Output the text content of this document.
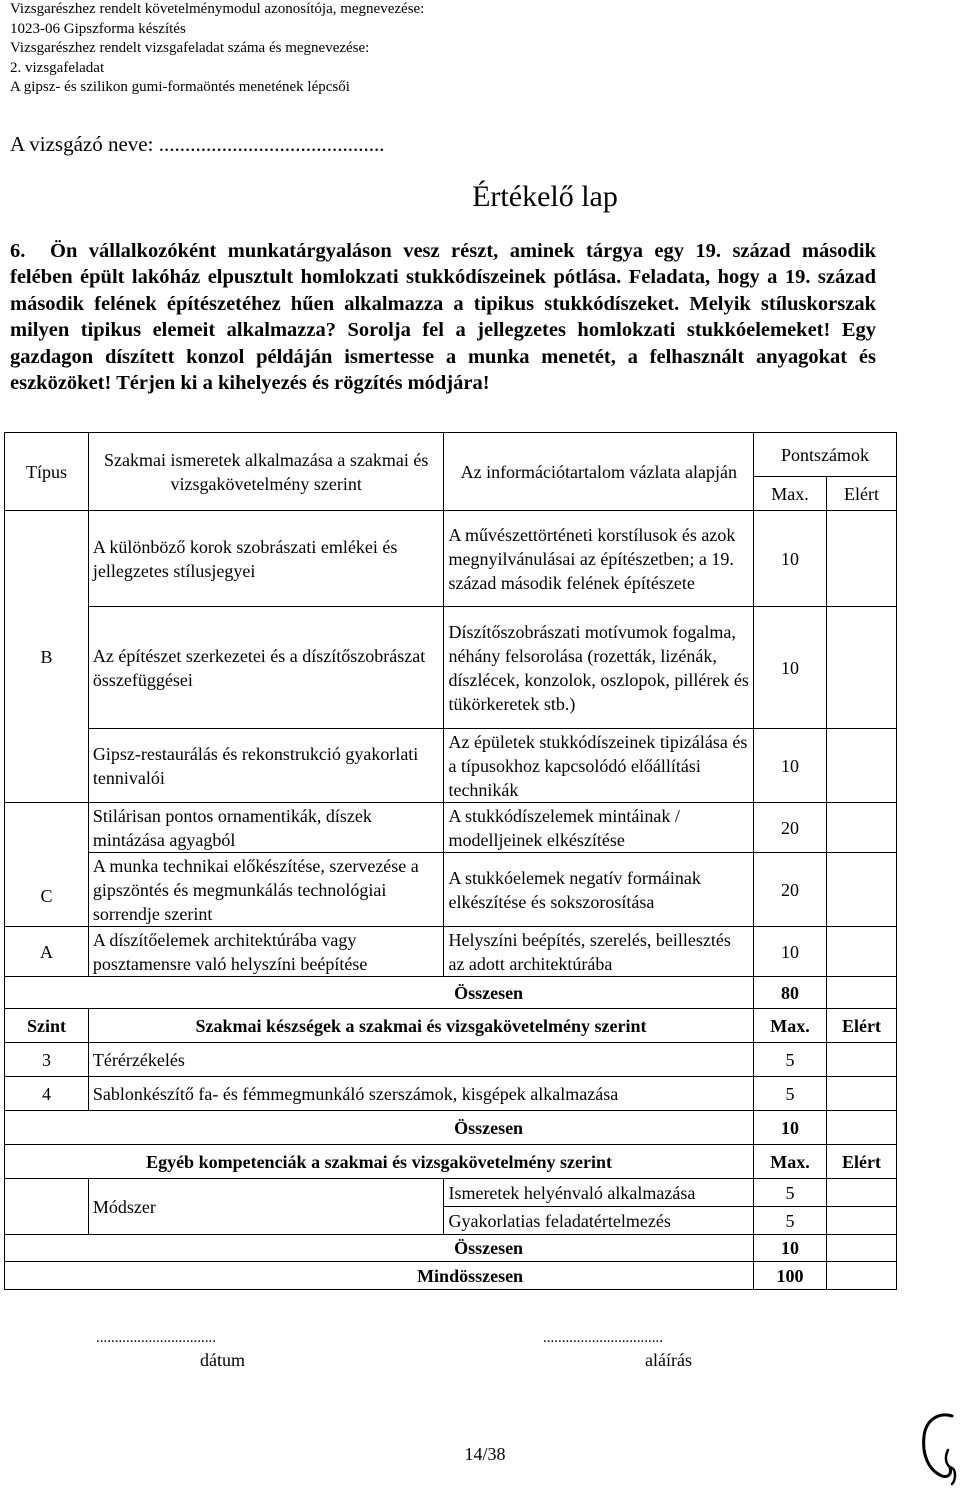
Vizsgarészhez rendelt követelménymodul azonosítója, megnevezése:
1023-06 Gipszforma készítés
Vizsgarészhez rendelt vizsgafeladat száma és megnevezése:
2. vizsgafeladat
A gipsz- és szilikon gumi-formaöntés menetének lépcsői
A vizsgázó neve: ...........................................
Értékelő lap

6. Ön vállalkozóként munkatárgyaláson vesz részt, aminek tárgya egy 19. század második felében épült lakóház elpusztult homlokzati stukkódíszeinek pótlása. Feladata, hogy a 19. század második felének építészetéhez hűen alkalmazza a tipikus stukkódíszeket. Melyik stíluskorszak milyen tipikus elemeit alkalmazza? Sorolja fel a jellegzetes homlokzati stukkóelemeket! Egy gazdagon díszített konzol példáján ismertesse a munka menetét, a felhasznált anyagokat és eszközöket! Térjen ki a kihelyezés és rögzítés módjára!

Típus	Szakmai ismeretek alkalmazása a szakmai és vizsgakövetelmény szerint	Az információtartalom vázlata alapján	Pontszámok	
			Max.	Elért
B	A különböző korok szobrászati emlékei és jellegzetes stílusjegyei	A művészettörténeti korstílusok és azok megnyilvánulásai az építészetben; a 19. század második felének építészete	10	
	Az építészet szerkezetei és a díszítőszobrászat összefüggései	Díszítőszobrászati motívumok fogalma, néhány felsorolása (rozetták, lizénák, díszlécek, konzolok, oszlopok, pillérek és tükörkeretek stb.)	10	
	Gipsz-restaurálás és rekonstrukció gyakorlati tennivalói	Az épületek stukkódíszeinek tipizálása és a típusokhoz kapcsolódó előállítási technikák	10	
C	Stilárisan pontos ornamentikák, díszek mintázása agyagból	A stukkódíszelemek mintáinak / modelljeinek elkészítése	20	
	A munka technikai előkészítése, szervezése a gipszöntés és megmunkálás technológiai sorrendje szerint	A stukkóelemek negatív formáinak elkészítése és sokszorosítása	20	
A	A díszítőelemek architektúrába vagy posztamensre való helyszíni beépítése	Helyszíni beépítés, szerelés, beillesztés az adott architektúrába	10	
Összesen			80	
Szint	Szakmai készségek a szakmai és vizsgakövetelmény szerint		Max.	Elért
3	Térérzékelés		5	
4	Sablonkészítő fa- és fémmegmunkáló szerszámok, kisgépek alkalmazása		5	
Összesen			10	
Egyéb kompetenciák a szakmai és vizsgakövetelmény szerint			Max.	Elért
	Módszer	Ismeretek helyénvaló alkalmazása	5	
		Gyakorlatias feladatértelmezés	5	
Összesen			10	
Mindösszesen			100	
................................	................................
dátum	aláírás
14/38
